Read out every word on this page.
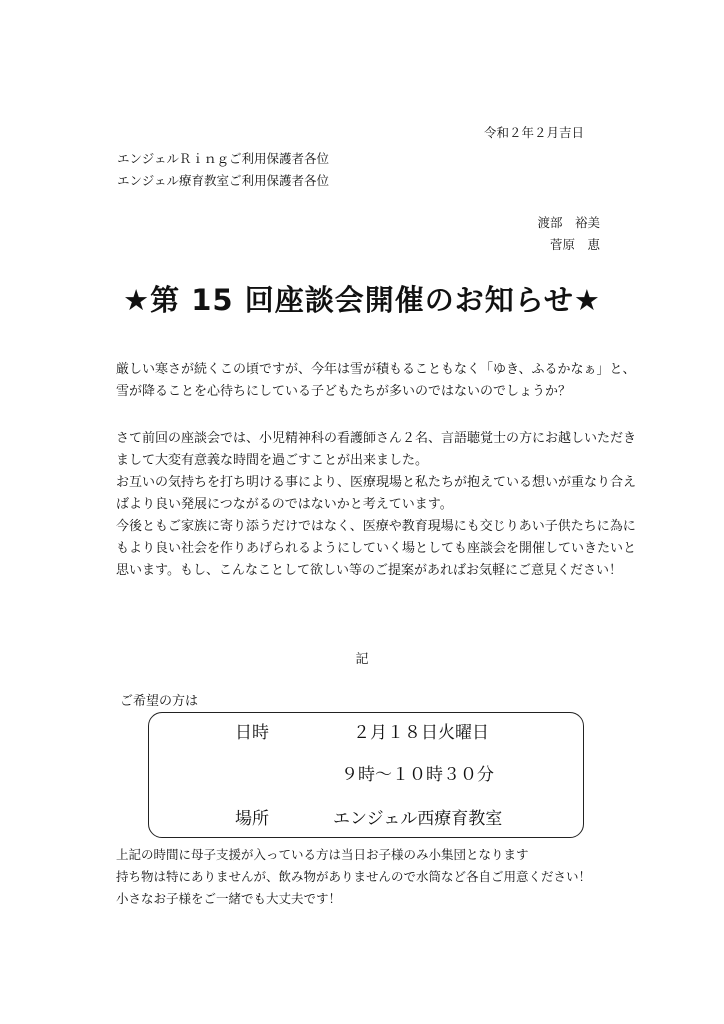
令和２年２月吉日
エンジェルＲｉｎｇご利用保護者各位
エンジェル療育教室ご利用保護者各位
渡部　裕美
菅原　恵
★第 15 回座談会開催のお知らせ★
厳しい寒さが続くこの頃ですが、今年は雪が積もることもなく「ゆき、ふるかなぁ」と、
雪が降ることを心待ちにしている子どもたちが多いのではないのでしょうか？
さて前回の座談会では、小児精神科の看護師さん２名、言語聴覚士の方にお越しいただき
まして大変有意義な時間を過ごすことが出来ました。
お互いの気持ちを打ち明ける事により、医療現場と私たちが抱えている想いが重なり合え
ばより良い発展につながるのではないかと考えています。
今後ともご家族に寄り添うだけではなく、医療や教育現場にも交じりあい子供たちに為に
もより良い社会を作りあげられるようにしていく場としても座談会を開催していきたいと
思います。もし、こんなことして欲しい等のご提案があればお気軽にご意見ください！
記
ご希望の方は
日時	２月１８日火曜日
９時～１０時３０分
場所	エンジェル西療育教室
上記の時間に母子支援が入っている方は当日お子様のみ小集団となります
持ち物は特にありませんが、飲み物がありませんので水筒など各自ご用意ください！
小さなお子様をご一緒でも大丈夫です！
